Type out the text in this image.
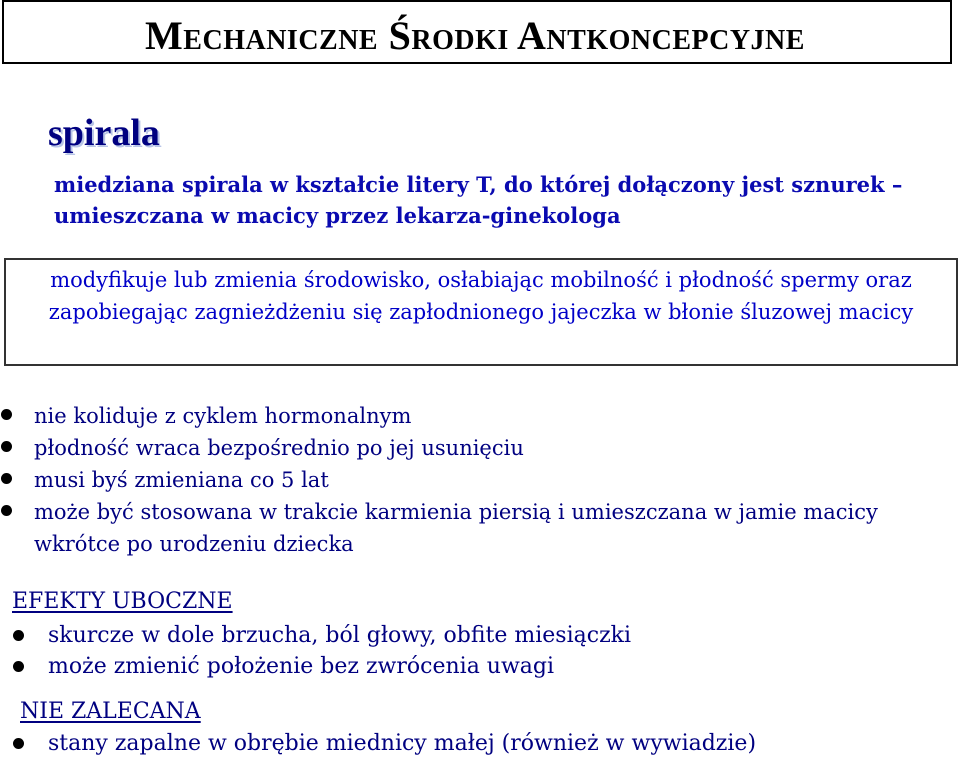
Mechaniczne Środki Antkoncepcyjne
spirala
miedziana spirala w kształcie litery T, do której dołączony jest sznurek – umieszczana w macicy przez lekarza-ginekologa
modyfikuje lub zmienia środowisko, osłabiając mobilność i płodność spermy oraz zapobiegając zagnieżdżeniu się zapłodnionego jajeczka w błonie śluzowej macicy
nie koliduje z cyklem hormonalnym
płodność wraca bezpośrednio po jej usunięciu
musi byś zmieniana co 5 lat
może być stosowana w trakcie karmienia piersią i umieszczana w jamie macicy wkrótce po urodzeniu dziecka
EFEKTY UBOCZNE
skurcze w dole brzucha, ból głowy, obfite miesiączki
może zmienić położenie bez zwrócenia uwagi
NIE ZALECANA
stany zapalne w obrębie miednicy małej (również w wywiadzie)
